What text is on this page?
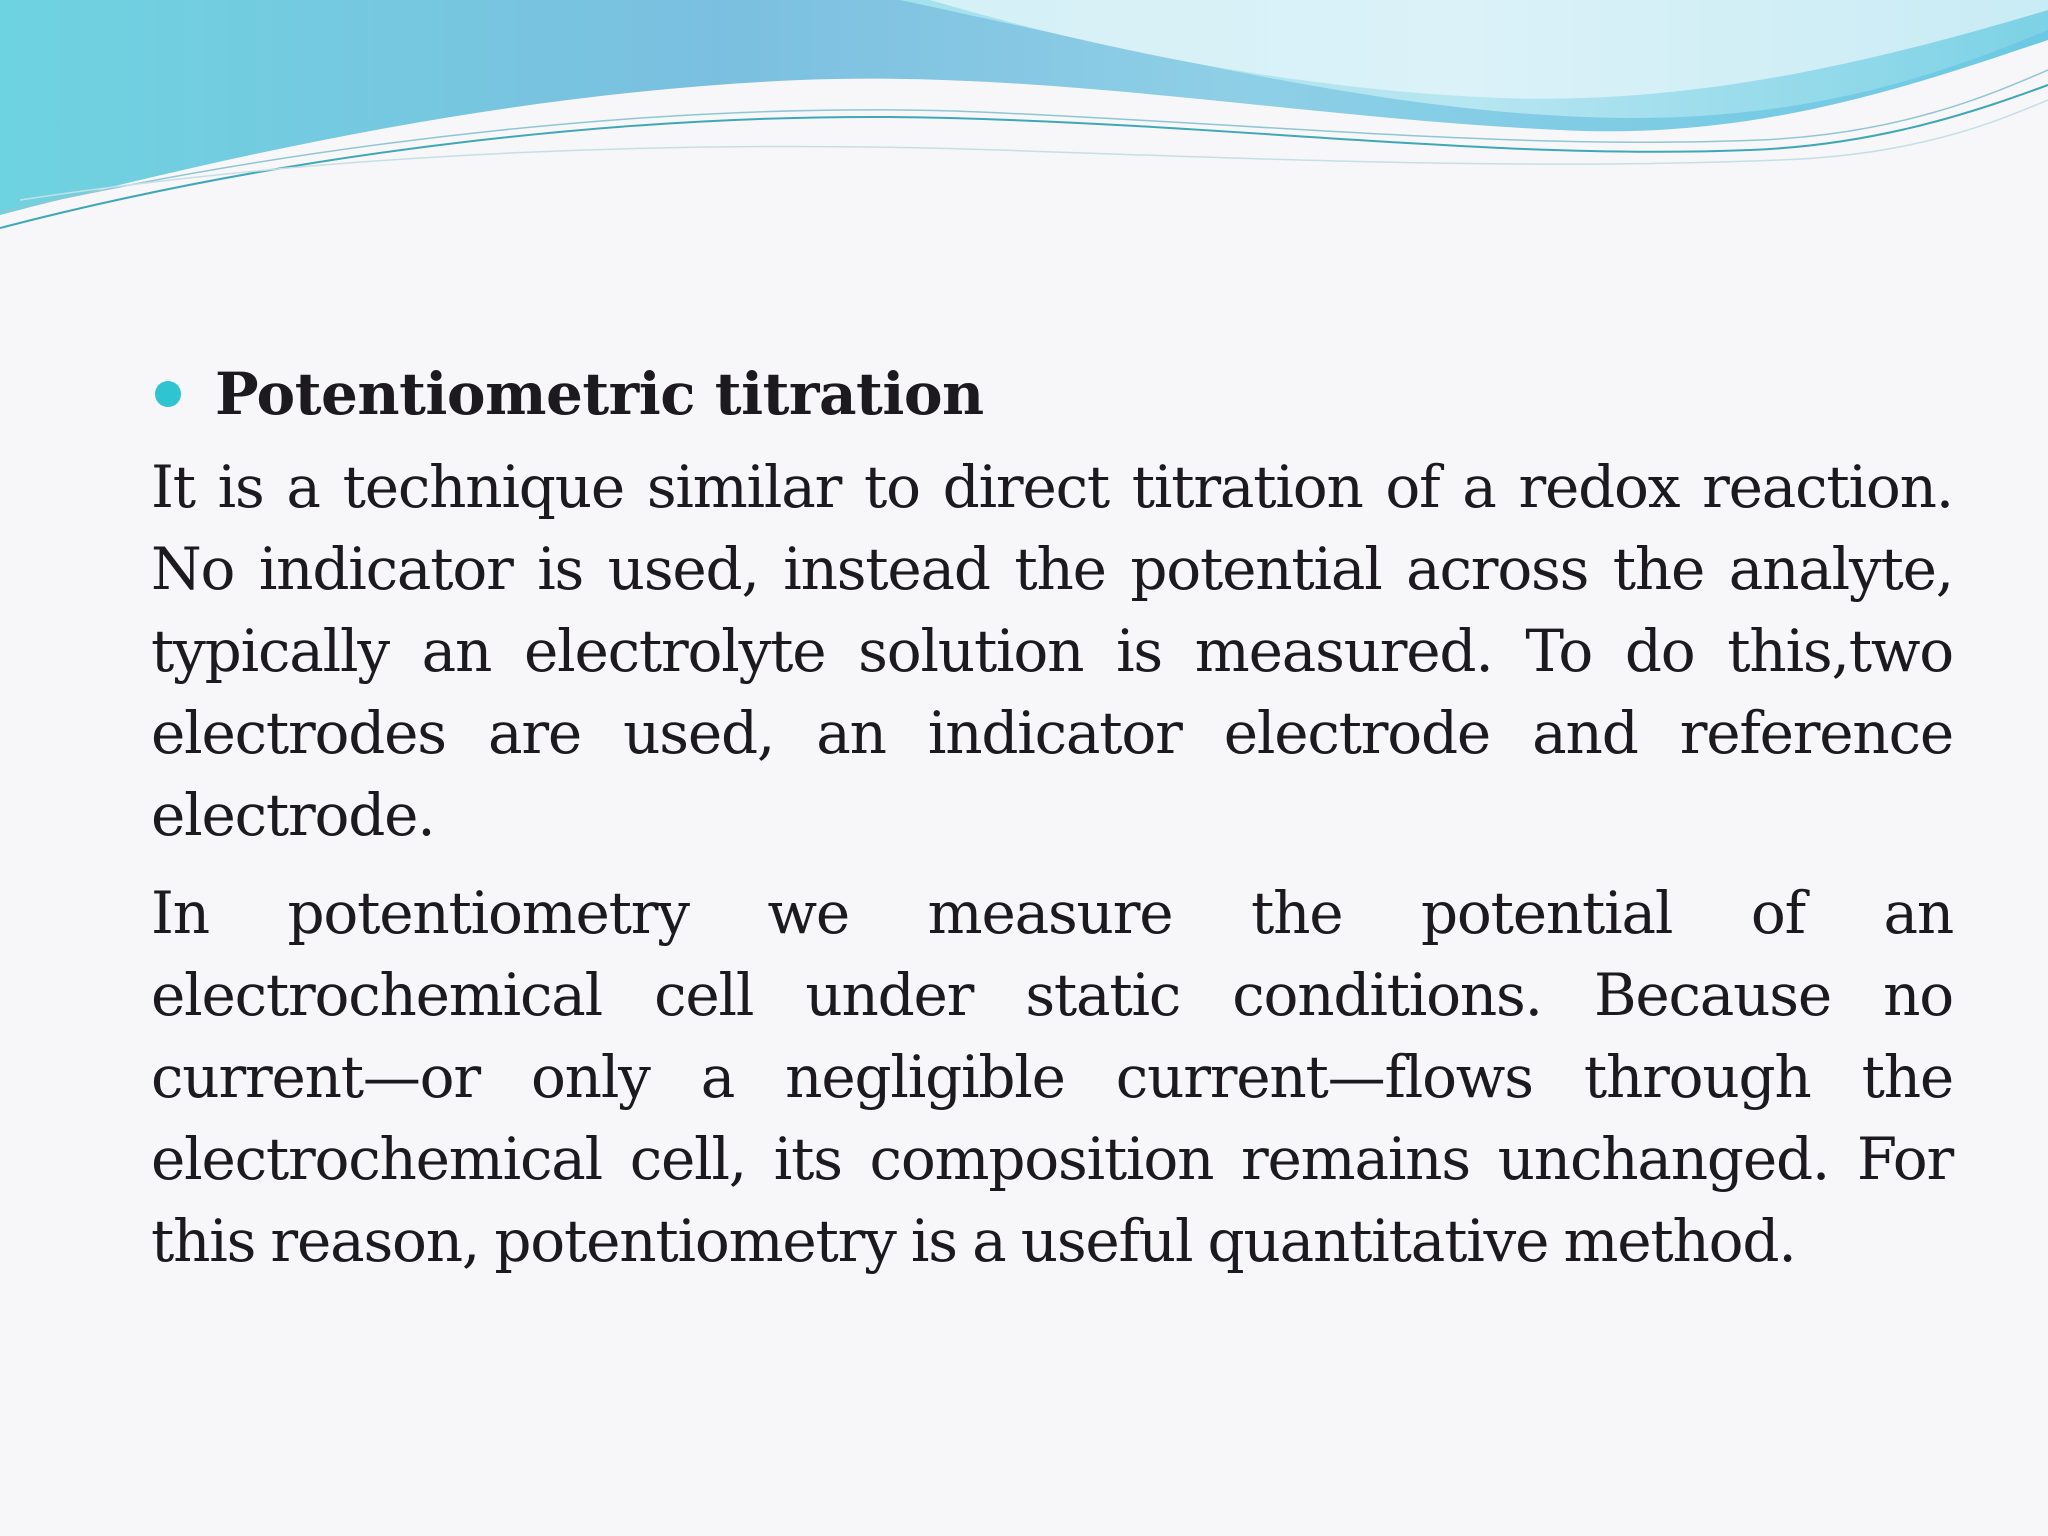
Potentiometric titration

It is a technique similar to direct titration of a redox reaction. No indicator is used, instead the potential across the analyte, typically an electrolyte solution is measured. To do this,two electrodes are used, an indicator electrode and reference electrode.

In potentiometry we measure the potential of an electrochemical cell under static conditions. Because no current—or only a negligible current—flows through the electrochemical cell, its composition remains unchanged. For this reason, potentiometry is a useful quantitative method.
